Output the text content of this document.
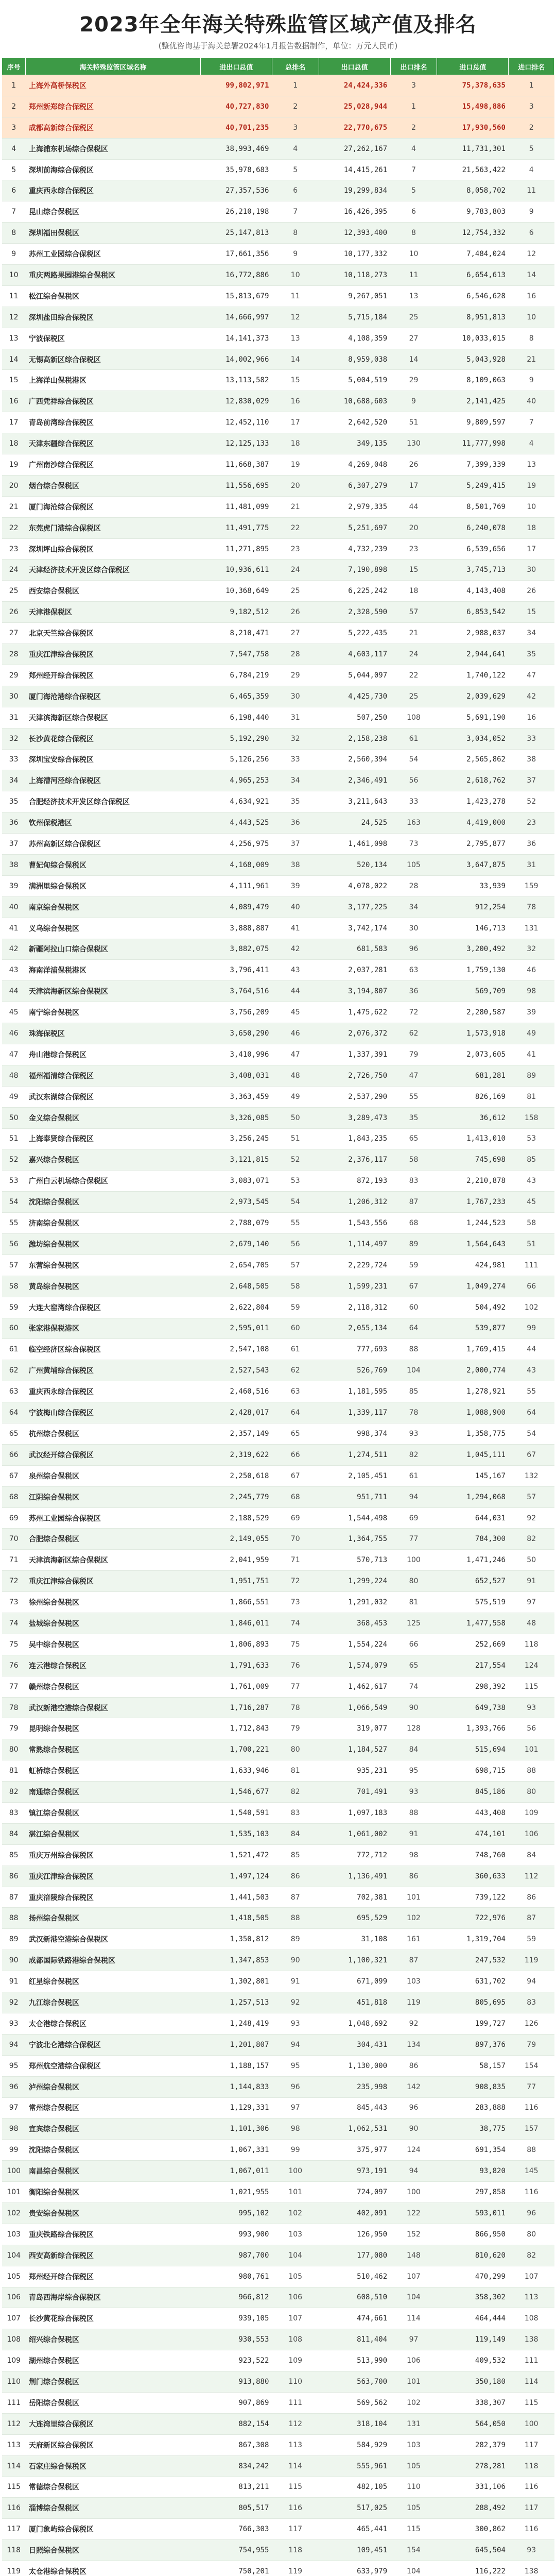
2023年全年海关特殊监管区域产值及排名
(整优咨询基于海关总署2024年1月报告数据制作，单位：万元人民币)
序号	海关特殊监管区域名称	进出口总值	总排名	出口总值	出口排名	进口总值	进口排名
1	上海外高桥保税区	99,802,971	1	24,424,336	3	75,378,635	1
2	郑州新郑综合保税区	40,727,830	2	25,028,944	1	15,498,886	3
3	成都高新综合保税区	40,701,235	3	22,770,675	2	17,930,560	2
4	上海浦东机场综合保税区	38,993,469	4	27,262,167	4	11,731,301	5
5	深圳前海综合保税区	35,978,683	5	14,415,261	7	21,563,422	4
6	重庆西永综合保税区	27,357,536	6	19,299,834	5	8,058,702	11
7	昆山综合保税区	26,210,198	7	16,426,395	6	9,783,803	9
8	深圳福田保税区	25,147,813	8	12,393,400	8	12,754,332	6
9	苏州工业园综合保税区	17,661,356	9	10,177,332	10	7,484,024	12
10	重庆两路果园港综合保税区	16,772,886	10	10,118,273	11	6,654,613	14
11	松江综合保税区	15,813,679	11	9,267,051	13	6,546,628	16
12	深圳盐田综合保税区	14,666,997	12	5,715,184	25	8,951,813	10
13	宁波保税区	14,141,373	13	4,108,359	27	10,033,015	8
14	无锡高新区综合保税区	14,002,966	14	8,959,038	14	5,043,928	21
15	上海洋山保税港区	13,113,582	15	5,004,519	29	8,109,063	9
16	广西凭祥综合保税区	12,830,029	16	10,688,603	9	2,141,425	40
17	青岛前湾综合保税区	12,452,110	17	2,642,520	51	9,809,597	7
18	天津东疆综合保税区	12,125,133	18	349,135	130	11,777,998	4
19	广州南沙综合保税区	11,668,387	19	4,269,048	26	7,399,339	13
20	烟台综合保税区	11,556,695	20	6,307,279	17	5,249,415	19
21	厦门海沧综合保税区	11,481,099	21	2,979,335	44	8,501,769	10
22	东莞虎门港综合保税区	11,491,775	22	5,251,697	20	6,240,078	18
23	深圳坪山综合保税区	11,271,895	23	4,732,239	23	6,539,656	17
24	天津经济技术开发区综合保税区	10,936,611	24	7,190,898	15	3,745,713	30
25	西安综合保税区	10,368,649	25	6,225,242	18	4,143,408	26
26	天津港保税区	9,182,512	26	2,328,590	57	6,853,542	15
27	北京天竺综合保税区	8,210,471	27	5,222,435	21	2,988,037	34
28	重庆江津综合保税区	7,547,758	28	4,603,117	24	2,944,641	35
29	郑州经开综合保税区	6,784,219	29	5,044,097	22	1,740,122	47
30	厦门海沧港综合保税区	6,465,359	30	4,425,730	25	2,039,629	42
31	天津滨海新区综合保税区	6,198,440	31	507,250	108	5,691,190	16
32	长沙黄花综合保税区	5,192,290	32	2,158,238	61	3,034,052	33
33	深圳宝安综合保税区	5,126,256	33	2,560,394	54	2,565,862	38
34	上海漕河泾综合保税区	4,965,253	34	2,346,491	56	2,618,762	37
35	合肥经济技术开发区综合保税区	4,634,921	35	3,211,643	33	1,423,278	52
36	钦州保税港区	4,443,525	36	24,525	163	4,419,000	23
37	苏州高新区综合保税区	4,256,975	37	1,461,098	73	2,795,877	36
38	曹妃甸综合保税区	4,168,009	38	520,134	105	3,647,875	31
39	满洲里综合保税区	4,111,961	39	4,078,022	28	33,939	159
40	南京综合保税区	4,089,479	40	3,177,225	34	912,254	78
41	义乌综合保税区	3,888,887	41	3,742,174	30	146,713	131
42	新疆阿拉山口综合保税区	3,882,075	42	681,583	96	3,200,492	32
43	海南洋浦保税港区	3,796,411	43	2,037,281	63	1,759,130	46
44	天津滨海新区综合保税区	3,764,516	44	3,194,807	36	569,709	98
45	南宁综合保税区	3,756,209	45	1,475,622	72	2,280,587	39
46	珠海保税区	3,650,290	46	2,076,372	62	1,573,918	49
47	舟山港综合保税区	3,410,996	47	1,337,391	79	2,073,605	41
48	福州福清综合保税区	3,408,031	48	2,726,750	47	681,281	89
49	武汉东湖综合保税区	3,363,459	49	2,537,290	55	826,169	81
50	金义综合保税区	3,326,085	50	3,289,473	35	36,612	158
51	上海奉贤综合保税区	3,256,245	51	1,843,235	65	1,413,010	53
52	嘉兴综合保税区	3,121,815	52	2,376,117	58	745,698	85
53	广州白云机场综合保税区	3,083,071	53	872,193	83	2,210,878	43
54	沈阳综合保税区	2,973,545	54	1,206,312	87	1,767,233	45
55	济南综合保税区	2,788,079	55	1,543,556	68	1,244,523	58
56	潍坊综合保税区	2,679,140	56	1,114,497	89	1,564,643	51
57	东营综合保税区	2,654,705	57	2,229,724	59	424,981	111
58	黄岛综合保税区	2,648,505	58	1,599,231	67	1,049,274	66
59	大连大窑湾综合保税区	2,622,804	59	2,118,312	60	504,492	102
60	张家港保税港区	2,595,011	60	2,055,134	64	539,877	99
61	临空经济区综合保税区	2,547,108	61	777,693	88	1,769,415	44
62	广州黄埔综合保税区	2,527,543	62	526,769	104	2,000,774	43
63	重庆西永综合保税区	2,460,516	63	1,181,595	85	1,278,921	55
64	宁波梅山综合保税区	2,428,017	64	1,339,117	78	1,088,900	64
65	杭州综合保税区	2,357,149	65	998,374	93	1,358,775	54
66	武汉经开综合保税区	2,319,622	66	1,274,511	82	1,045,111	67
67	泉州综合保税区	2,250,618	67	2,105,451	61	145,167	132
68	江阴综合保税区	2,245,779	68	951,711	94	1,294,068	57
69	苏州工业园综合保税区	2,188,529	69	1,544,498	69	644,031	92
70	合肥综合保税区	2,149,055	70	1,364,755	77	784,300	82
71	天津滨海新区综合保税区	2,041,959	71	570,713	100	1,471,246	50
72	重庆江津综合保税区	1,951,751	72	1,299,224	80	652,527	91
73	徐州综合保税区	1,866,551	73	1,291,032	81	575,519	97
74	盐城综合保税区	1,846,011	74	368,453	125	1,477,558	48
75	吴中综合保税区	1,806,893	75	1,554,224	66	252,669	118
76	连云港综合保税区	1,791,633	76	1,574,079	65	217,554	124
77	赣州综合保税区	1,761,009	77	1,462,617	74	298,392	115
78	武汉新港空港综合保税区	1,716,287	78	1,066,549	90	649,738	93
79	昆明综合保税区	1,712,843	79	319,077	128	1,393,766	56
80	常熟综合保税区	1,700,221	80	1,184,527	84	515,694	101
81	虹桥综合保税区	1,633,946	81	935,231	95	698,715	88
82	南通综合保税区	1,546,677	82	701,491	93	845,186	80
83	镇江综合保税区	1,540,591	83	1,097,183	88	443,408	109
84	湛江综合保税区	1,535,103	84	1,061,002	91	474,101	106
85	重庆万州综合保税区	1,521,472	85	772,712	98	748,760	84
86	重庆江津综合保税区	1,497,124	86	1,136,491	86	360,633	112
87	重庆涪陵综合保税区	1,441,503	87	702,381	101	739,122	86
88	扬州综合保税区	1,418,505	88	695,529	102	722,976	87
89	武汉新港空港综合保税区	1,350,812	89	31,108	161	1,319,704	59
90	成都国际铁路港综合保税区	1,347,853	90	1,100,321	87	247,532	119
91	红星综合保税区	1,302,801	91	671,099	103	631,702	94
92	九江综合保税区	1,257,513	92	451,818	119	805,695	83
93	太仓港综合保税区	1,248,419	93	1,048,692	92	199,727	126
94	宁波北仑港综合保税区	1,201,807	94	304,431	134	897,376	79
95	郑州航空港综合保税区	1,188,157	95	1,130,000	86	58,157	154
96	泸州综合保税区	1,144,833	96	235,998	142	908,835	77
97	常州综合保税区	1,129,331	97	845,443	96	283,888	116
98	宜宾综合保税区	1,101,306	98	1,062,531	90	38,775	157
99	沈阳综合保税区	1,067,331	99	375,977	124	691,354	88
100	南昌综合保税区	1,067,011	100	973,191	94	93,820	145
101	衡阳综合保税区	1,021,955	101	724,097	100	297,858	116
102	贵安综合保税区	995,102	102	402,091	122	593,011	96
103	重庆铁路综合保税区	993,900	103	126,950	152	866,950	80
104	西安高新综合保税区	987,700	104	177,080	148	810,620	82
105	郑州经开综合保税区	980,761	105	510,462	107	470,299	107
106	青岛西海岸综合保税区	966,812	106	608,510	104	358,302	113
107	长沙黄花综合保税区	939,105	107	474,661	114	464,444	108
108	绍兴综合保税区	930,553	108	811,404	97	119,149	138
109	湖州综合保税区	923,522	109	513,990	106	409,532	111
110	荆门综合保税区	913,880	110	563,700	101	350,180	114
111	岳阳综合保税区	907,869	111	569,562	102	338,307	115
112	大连湾里综合保税区	882,154	112	318,104	131	564,050	100
113	天府新区综合保税区	867,308	113	584,929	103	282,379	117
114	石家庄综合保税区	834,242	114	555,961	105	278,281	118
115	常德综合保税区	813,211	115	482,105	110	331,106	116
116	淄博综合保税区	805,517	116	517,025	105	288,492	117
117	厦门象屿综合保税区	766,303	117	465,441	115	300,862	116
118	日照综合保税区	754,955	118	109,451	154	645,504	93
119	太仓港综合保税区	750,201	119	633,979	104	116,222	138
